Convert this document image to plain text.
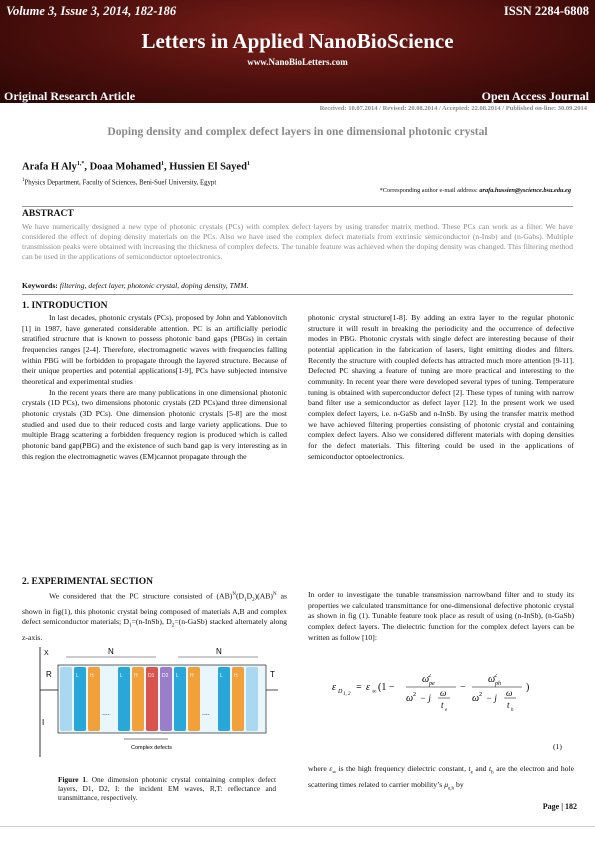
Volume 3, Issue 3, 2014, 182-186	ISSN 2284-6808
Letters in Applied NanoBioScience
www.NanoBioLetters.com
Original Research Article	Open Access Journal
Received: 10.07.2014 / Revised: 20.08.2014 / Accepted: 22.08.2014 / Published on-line: 30.09.2014
Doping density and complex defect layers in one dimensional photonic crystal
Arafa H Aly$^{1,*}$, Doaa Mohamed$^1$, Hussien El Sayed$^1$
$^1$Physics Department, Faculty of Sciences, Beni-Suef University, Egypt
*Corresponding author e-mail address: arafa.hussien@yscience.bsu.edu.eg
ABSTRACT
We have numerically designed a new type of photonic crystals (PCs) with complex defect layers by using transfer matrix method. These PCs can work as a filter. We have considered the effect of doping density materials on the PCs. Also we have used the complex defect materials from extrinsic semiconductor (n-Insb) and (n-Gabs). Multiple transmission peaks were obtained with increasing the thickness of complex defects. The tunable feature was achieved when the doping density was changed. This filtering method can be used in the applications of semiconductor optoelectronics.
Keywords: filtering, defect layer, photonic crystal, doping density, TMM.
1. INTRODUCTION

In last decades, photonic crystals (PCs), proposed by John and Yablonovitch [1] in 1987, have generated considerable attention. PC is an artificially periodic stratified structure that is known to possess photonic band gaps (PBGs) in certain frequencies ranges [2-4]. Therefore, electromagnetic waves with frequencies falling within PBG will be forbidden to propagate through the layered structure. Because of their unique properties and potential applications[1-9], PCs have subjected intensive theoretical and experimental studies

In the recent years there are many publications in one dimensional photonic crystals (1D PCs), two dimensions photonic crystals (2D PCs)and three dimensional photonic crystals (3D PCs). One dimension photonic crystals [5-8] are the most studied and used due to their reduced costs and large variety applications. Due to multiple Bragg scattering a forbidden frequency region is produced which is called photonic band gap(PBG) and the existence of such band gap is very interesting as in this region the electromagnetic waves (EM)cannot propagate through the

photonic crystal structure[1-8]. By adding an extra layer to the regular photonic structure it will result in breaking the periodicity and the occurrence of defective modes in PBG. Photonic crystals with single defect are interesting because of their potential application in the fabrication of lasers, light emitting diodes and filters. Recently the structure with coupled defects has attracted much more attention [9-11]. Defected PC shaving a feature of tuning are more practical and interesting to the community. In recent year there were developed several types of tuning. Temperature tuning is obtained with superconductor defect [2]. These types of tuning with narrow band filter use a semiconductor as defect layer [12]. In the present work we used complex defect layers, i.e. n-GaSb and n-InSb. By using the transfer matrix method we have achieved filtering properties consisting of photonic crystal and containing complex defect layers. Also we considered different materials with doping densities for the defect materials. This filtering could be used in the applications of semiconductor optoelectronics.

2. EXPERIMENTAL SECTION

We considered that the PC structure consisted of $(AB)^N(D_1D_2)(AB)^N$ as shown in fig(1), this photonic crystal being composed of materials A,B and complex defect semiconductor materials; $D_1=(n-InSb)$, $D_2=(n-GaSb)$ stacked alternately along z-axis.

X	N	N
L H
....
L H D1 D2 L H
....
L H
R
I
T
Complex defects
Figure 1. One dimension photonic crystal containing complex defect layers, D1, D2, I: the incident EM waves, R,T: reflectance and transmittance, respectively.

In order to investigate the tunable transmission narrowband filter and to study its properties we calculated transmittance for one-dimensional defective photonic crystal as shown in fig (1). Tunable feature took place as result of using (n-InSb), (n-GaSb) complex defect layers. The dielectric function for the complex defect layers can be written as follow [10]:

ε D 1, 2
= ε ∞ (1 −
ω
2
pe
ω 2 − j ω
t
e
−
ω
2
ph
ω 2 − j ω
t
h
)
(1)
where $\varepsilon_\infty$ is the high frequency dielectric constant, $t_e$ and $t_h$ are the electron and hole scattering times related to carrier mobility’s $\mu_{e,h}$ by
Page | 182
